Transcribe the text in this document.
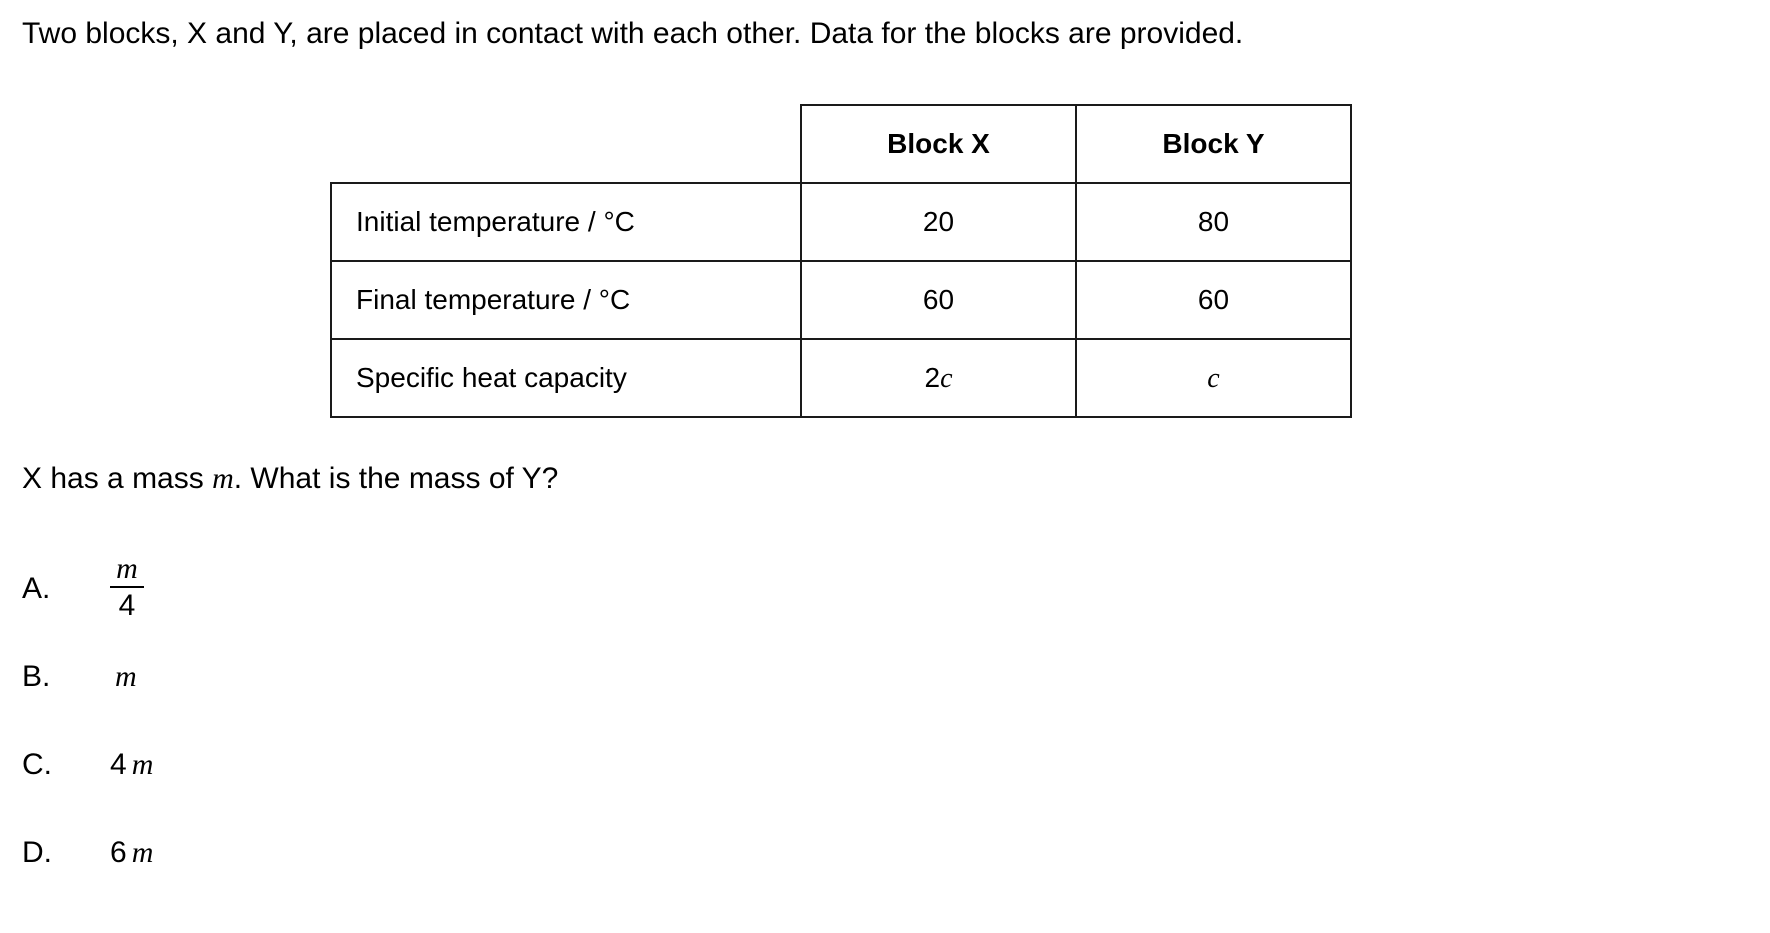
Two blocks, X and Y, are placed in contact with each other. Data for the blocks are provided.
	Block X	Block Y
Initial temperature / °C	20	80
Final temperature / °C	60	60
Specific heat capacity	2c	c
X has a mass m. What is the mass of Y?
A.	$\frac{m}{4}$
B.	m
C.	4 m
D.	6 m
